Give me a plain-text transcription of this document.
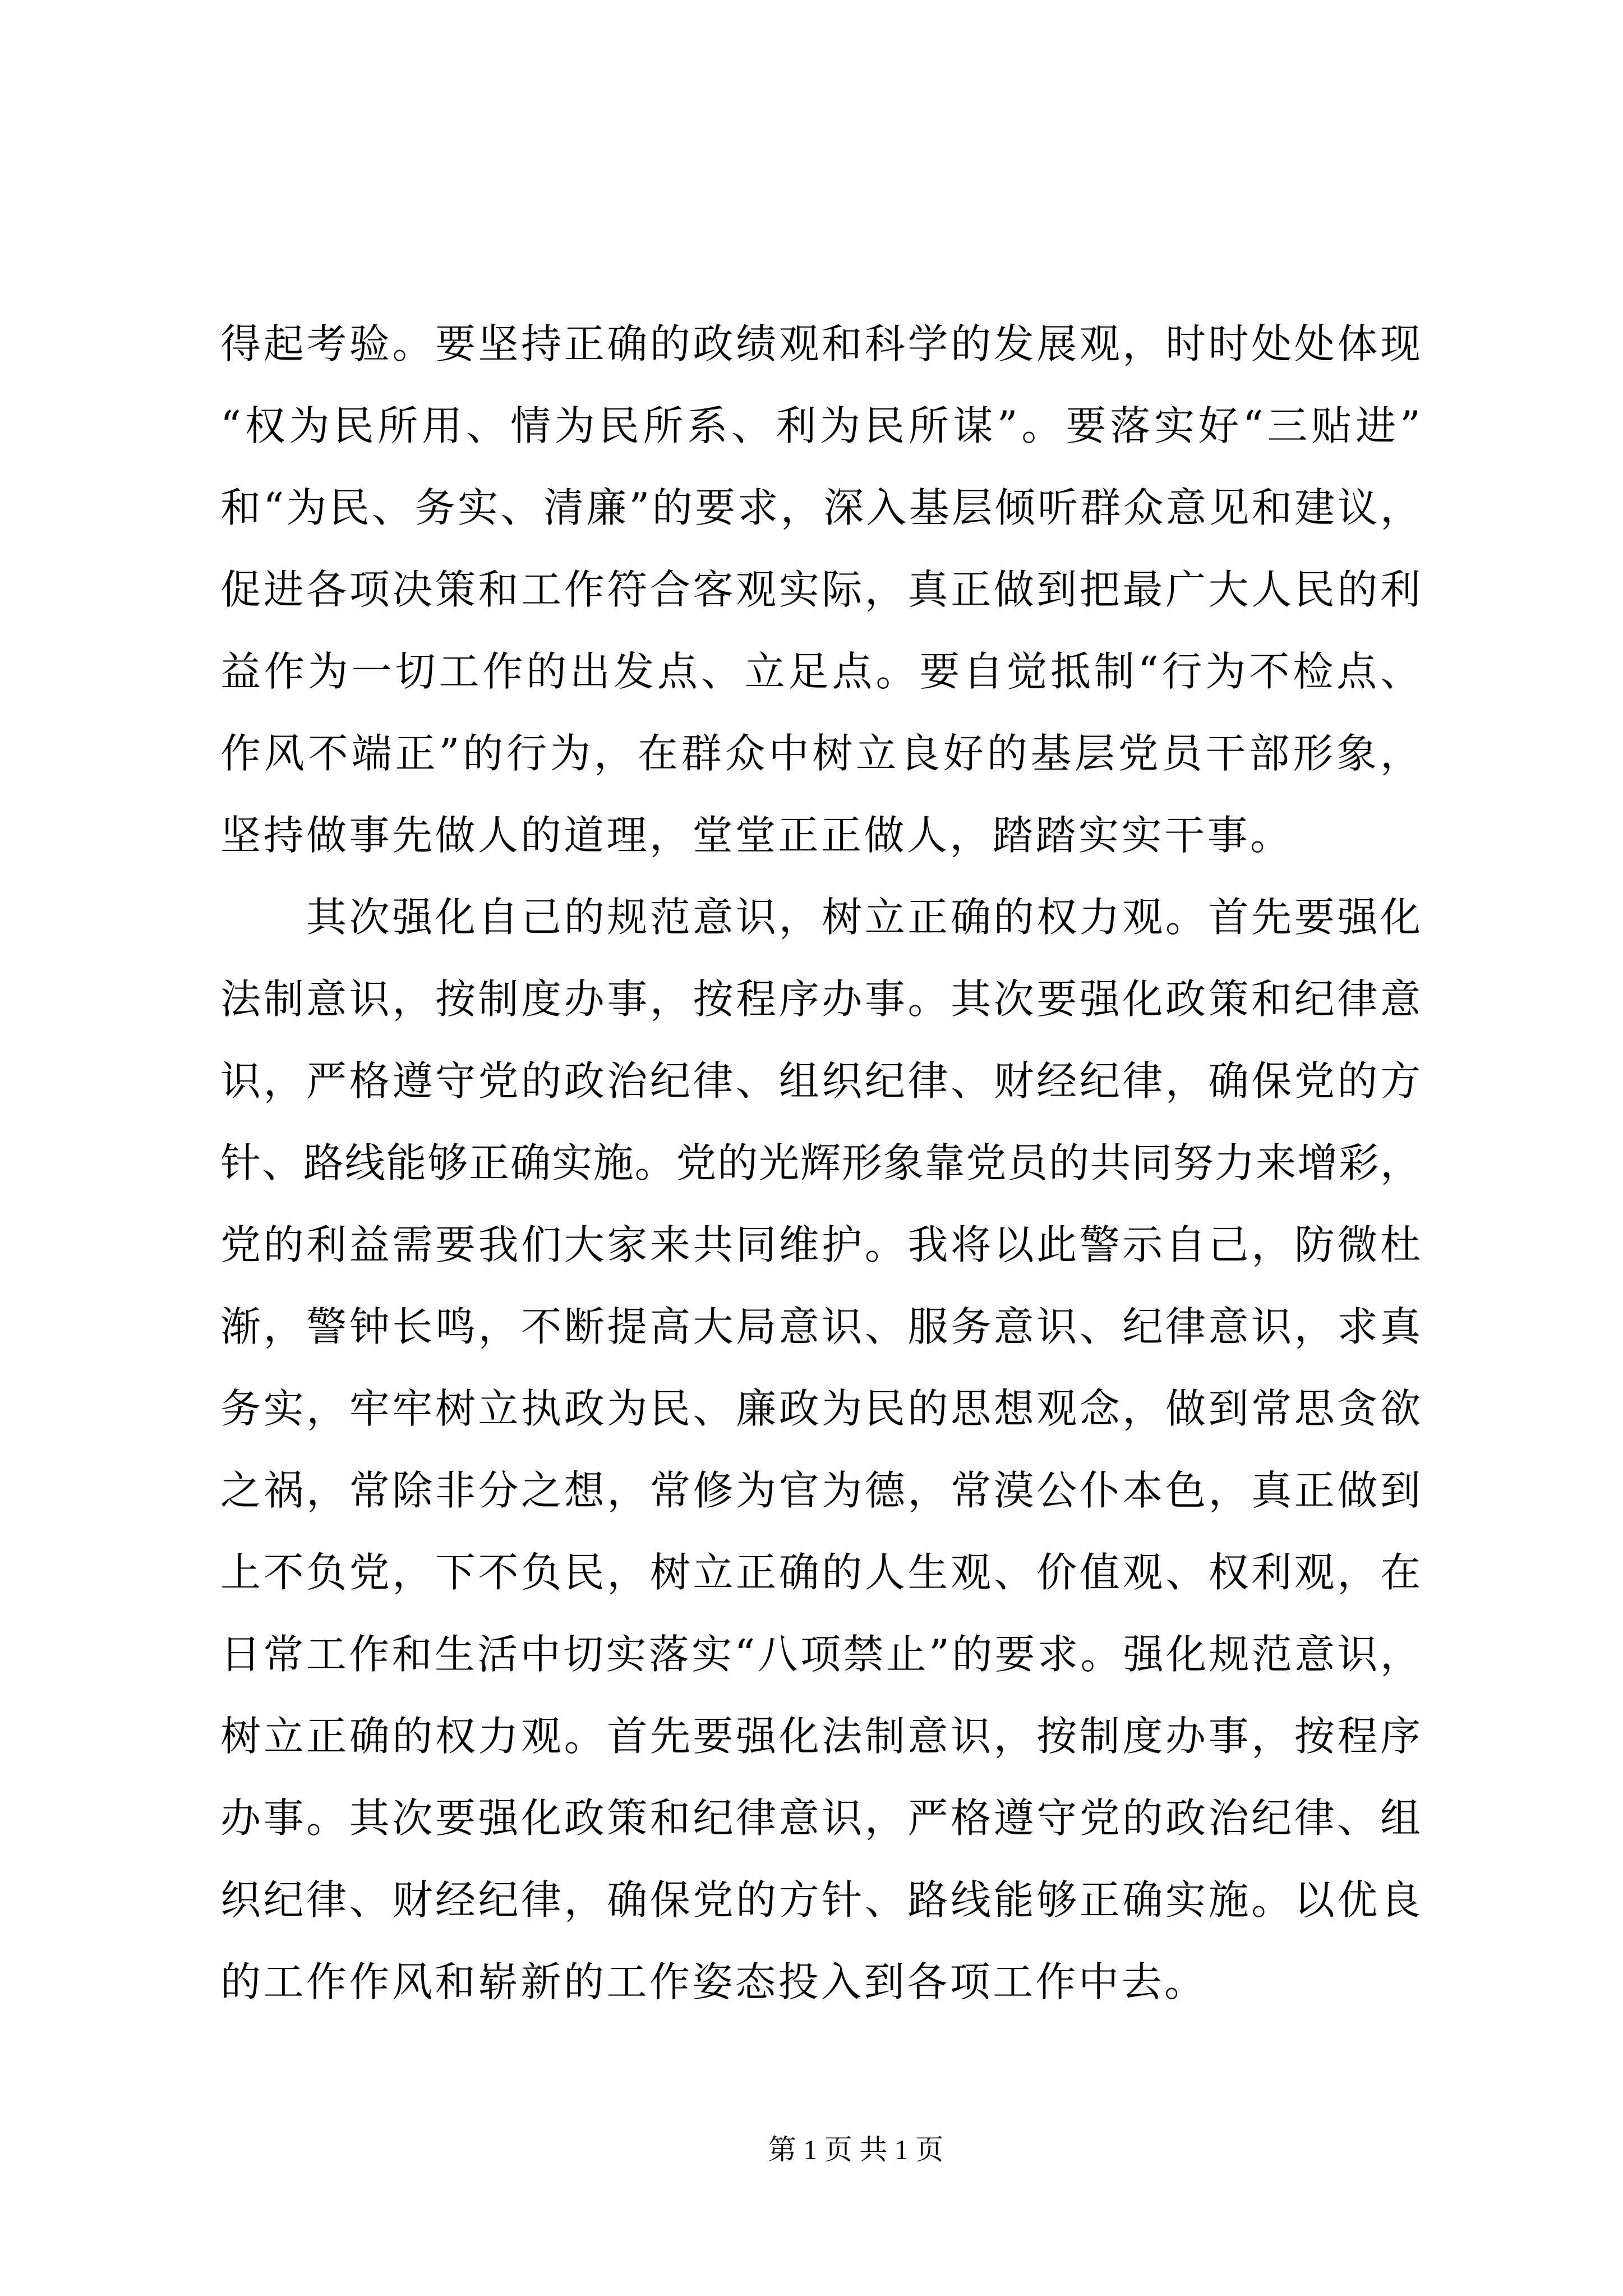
得起考验。要坚持正确的政绩观和科学的发展观，时时处处体现
“权为民所用、情为民所系、利为民所谋”。要落实好“三贴进”
和“为民、务实、清廉”的要求，深入基层倾听群众意见和建议，
促进各项决策和工作符合客观实际，真正做到把最广大人民的利
益作为一切工作的出发点、立足点。要自觉抵制“行为不检点、
作风不端正”的行为，在群众中树立良好的基层党员干部形象，
坚持做事先做人的道理，堂堂正正做人，踏踏实实干事。
其次强化自己的规范意识，树立正确的权力观。首先要强化
法制意识，按制度办事，按程序办事。其次要强化政策和纪律意
识，严格遵守党的政治纪律、组织纪律、财经纪律，确保党的方
针、路线能够正确实施。党的光辉形象靠党员的共同努力来增彩，
党的利益需要我们大家来共同维护。我将以此警示自己，防微杜
渐，警钟长鸣，不断提高大局意识、服务意识、纪律意识，求真
务实，牢牢树立执政为民、廉政为民的思想观念，做到常思贪欲
之祸，常除非分之想，常修为官为德，常漠公仆本色，真正做到
上不负党，下不负民，树立正确的人生观、价值观、权利观，在
日常工作和生活中切实落实“八项禁止”的要求。强化规范意识，
树立正确的权力观。首先要强化法制意识，按制度办事，按程序
办事。其次要强化政策和纪律意识，严格遵守党的政治纪律、组
织纪律、财经纪律，确保党的方针、路线能够正确实施。以优良
的工作作风和崭新的工作姿态投入到各项工作中去。
第 1 页 共 1 页
